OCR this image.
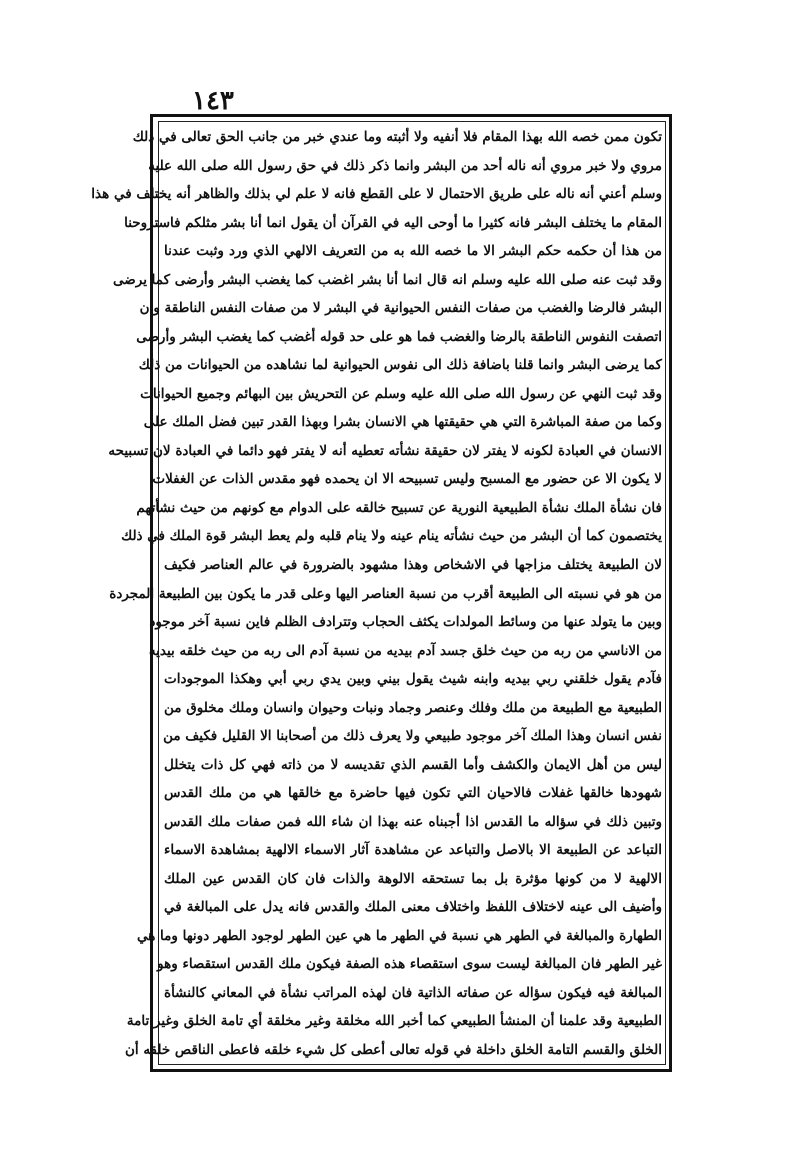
١٤٣
تكون ممن خصه الله بهذا المقام فلا أنفيه ولا أثبته وما عندي خبر من جانب الحق تعالى في ذلك
مروي ولا خبر مروي أنه ناله أحد من البشر وانما ذكر ذلك في حق رسول الله صلى الله عليه
وسلم أعني أنه ناله على طريق الاحتمال لا على القطع فانه لا علم لي بذلك والظاهر أنه يختلف في هذا
المقام ما يختلف البشر فانه كثيرا ما أوحى اليه في القرآن أن يقول انما أنا بشر مثلكم فاستروحنا
من هذا أن حكمه حكم البشر الا ما خصه الله به من التعريف الالهي الذي ورد وثبت عندنا
وقد ثبت عنه صلى الله عليه وسلم انه قال انما أنا بشر اغضب كما يغضب البشر وأرضى كما يرضى
البشر فالرضا والغضب من صفات النفس الحيوانية في البشر لا من صفات النفس الناطقة وان
اتصفت النفوس الناطقة بالرضا والغضب فما هو على حد قوله أغضب كما يغضب البشر وأرضى
كما يرضى البشر وانما قلنا باضافة ذلك الى نفوس الحيوانية لما نشاهده من الحيوانات من ذلك
وقد ثبت النهي عن رسول الله صلى الله عليه وسلم عن التحريش بين البهائم وجميع الحيوانات
وكما من صفة المباشرة التي هي حقيقتها هي الانسان بشرا وبهذا القدر تبين فضل الملك على
الانسان في العبادة لكونه لا يفتر لان حقيقة نشأته تعطيه أنه لا يفتر فهو دائما في العبادة لان تسبيحه
لا يكون الا عن حضور مع المسبح وليس تسبيحه الا ان يحمده فهو مقدس الذات عن الغفلات
فان نشأة الملك نشأة الطبيعية النورية عن تسبيح خالقه على الدوام مع كونهم من حيث نشأتهم
يختصمون كما أن البشر من حيث نشأته ينام عينه ولا ينام قلبه ولم يعط البشر قوة الملك في ذلك
لان الطبيعة يختلف مزاجها في الاشخاص وهذا مشهود بالضرورة في عالم العناصر فكيف
من هو في نسبته الى الطبيعة أقرب من نسبة العناصر اليها وعلى قدر ما يكون بين الطبيعة المجردة
وبين ما يتولد عنها من وسائط المولدات يكثف الحجاب وتترادف الظلم فاين نسبة آخر موجود
من الاناسي من ربه من حيث خلق جسد آدم بيديه من نسبة آدم الى ربه من حيث خلقه بيديه
فآدم يقول خلقني ربي بيديه وابنه شيث يقول بيني وبين يدي ربي أبي وهكذا الموجودات
الطبيعية مع الطبيعة من ملك وفلك وعنصر وجماد ونبات وحيوان وانسان وملك مخلوق من
نفس انسان وهذا الملك آخر موجود طبيعي ولا يعرف ذلك من أصحابنا الا القليل فكيف من
ليس من أهل الايمان والكشف وأما القسم الذي تقديسه لا من ذاته فهي كل ذات يتخلل
شهودها خالقها غفلات فالاحيان التي تكون فيها حاضرة مع خالقها هي من ملك القدس
وتبين ذلك في سؤاله ما القدس اذا أجبناه عنه بهذا ان شاء الله فمن صفات ملك القدس
التباعد عن الطبيعة الا بالاصل والتباعد عن مشاهدة آثار الاسماء الالهية بمشاهدة الاسماء
الالهية لا من كونها مؤثرة بل بما تستحقه الالوهة والذات فان كان القدس عين الملك
وأضيف الى عينه لاختلاف اللفظ واختلاف معنى الملك والقدس فانه يدل على المبالغة في
الطهارة والمبالغة في الطهر هي نسبة في الطهر ما هي عين الطهر لوجود الطهر دونها وما هي
غير الطهر فان المبالغة ليست سوى استقصاء هذه الصفة فيكون ملك القدس استقصاء وهو
المبالغة فيه فيكون سؤاله عن صفاته الذاتية فان لهذه المراتب نشأة في المعاني كالنشأة
الطبيعية وقد علمنا أن المنشأ الطبيعي كما أخبر الله مخلقة وغير مخلقة أي تامة الخلق وغير تامة
الخلق والقسم التامة الخلق داخلة في قوله تعالى أعطى كل شيء خلقه فاعطى الناقص خلقه أن
